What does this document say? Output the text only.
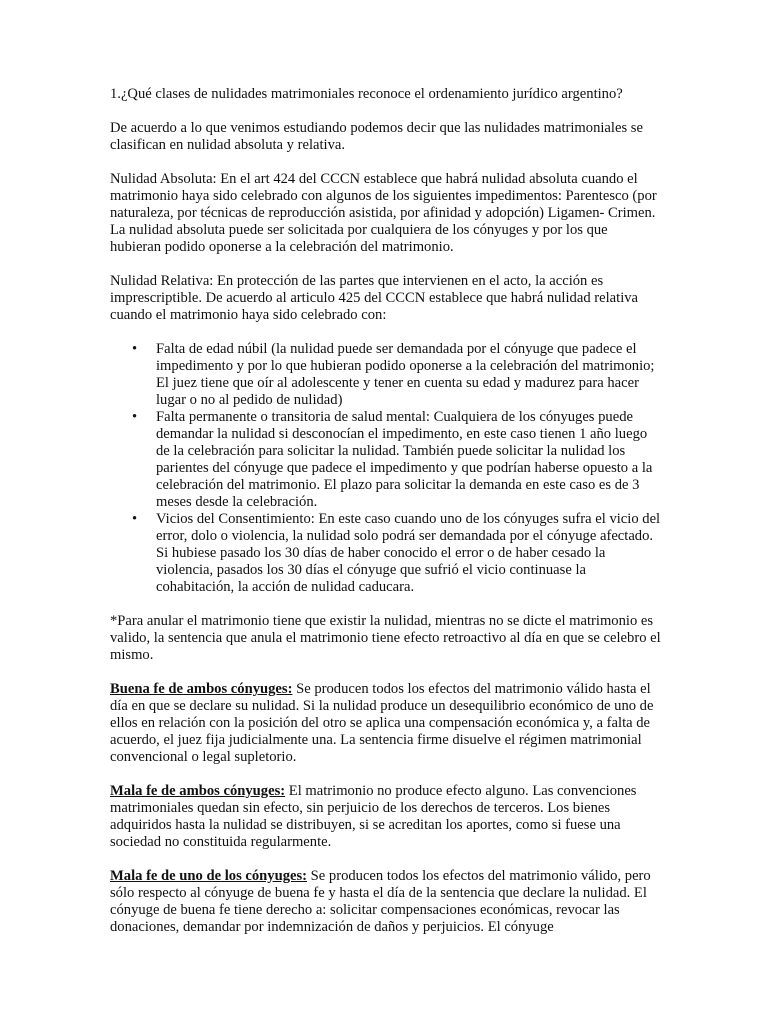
1.¿Qué clases de nulidades matrimoniales reconoce el ordenamiento jurídico argentino?

De acuerdo a lo que venimos estudiando podemos decir que las nulidades matrimoniales se clasifican en nulidad absoluta y relativa.

Nulidad Absoluta: En el art 424 del CCCN establece que habrá nulidad absoluta cuando el matrimonio haya sido celebrado con algunos de los siguientes impedimentos: Parentesco (por naturaleza, por técnicas de reproducción asistida, por afinidad y adopción) Ligamen- Crimen. La nulidad absoluta puede ser solicitada por cualquiera de los cónyuges y por los que hubieran podido oponerse a la celebración del matrimonio.

Nulidad Relativa: En protección de las partes que intervienen en el acto, la acción es imprescriptible. De acuerdo al articulo 425 del CCCN establece que habrá nulidad relativa cuando el matrimonio haya sido celebrado con:

• Falta de edad núbil (la nulidad puede ser demandada por el cónyuge que padece el impedimento y por lo que hubieran podido oponerse a la celebración del matrimonio; El juez tiene que oír al adolescente y tener en cuenta su edad y madurez para hacer lugar o no al pedido de nulidad)
• Falta permanente o transitoria de salud mental: Cualquiera de los cónyuges puede demandar la nulidad si desconocían el impedimento, en este caso tienen 1 año luego de la celebración para solicitar la nulidad. También puede solicitar la nulidad los parientes del cónyuge que padece el impedimento y que podrían haberse opuesto a la celebración del matrimonio. El plazo para solicitar la demanda en este caso es de 3 meses desde la celebración.
• Vicios del Consentimiento: En este caso cuando uno de los cónyuges sufra el vicio del error, dolo o violencia, la nulidad solo podrá ser demandada por el cónyuge afectado. Si hubiese pasado los 30 días de haber conocido el error o de haber cesado la violencia, pasados los 30 días el cónyuge que sufrió el vicio continuase la cohabitación, la acción de nulidad caducara.

*Para anular el matrimonio tiene que existir la nulidad, mientras no se dicte el matrimonio es valido, la sentencia que anula el matrimonio tiene efecto retroactivo al día en que se celebro el mismo.

Buena fe de ambos cónyuges: Se producen todos los efectos del matrimonio válido hasta el día en que se declare su nulidad. Si la nulidad produce un desequilibrio económico de uno de ellos en relación con la posición del otro se aplica una compensación económica y, a falta de acuerdo, el juez fija judicialmente una. La sentencia firme disuelve el régimen matrimonial convencional o legal supletorio.

Mala fe de ambos cónyuges: El matrimonio no produce efecto alguno. Las convenciones matrimoniales quedan sin efecto, sin perjuicio de los derechos de terceros. Los bienes adquiridos hasta la nulidad se distribuyen, si se acreditan los aportes, como si fuese una sociedad no constituida regularmente.

Mala fe de uno de los cónyuges: Se producen todos los efectos del matrimonio válido, pero sólo respecto al cónyuge de buena fe y hasta el día de la sentencia que declare la nulidad. El cónyuge de buena fe tiene derecho a: solicitar compensaciones económicas, revocar las donaciones, demandar por indemnización de daños y perjuicios. El cónyuge
